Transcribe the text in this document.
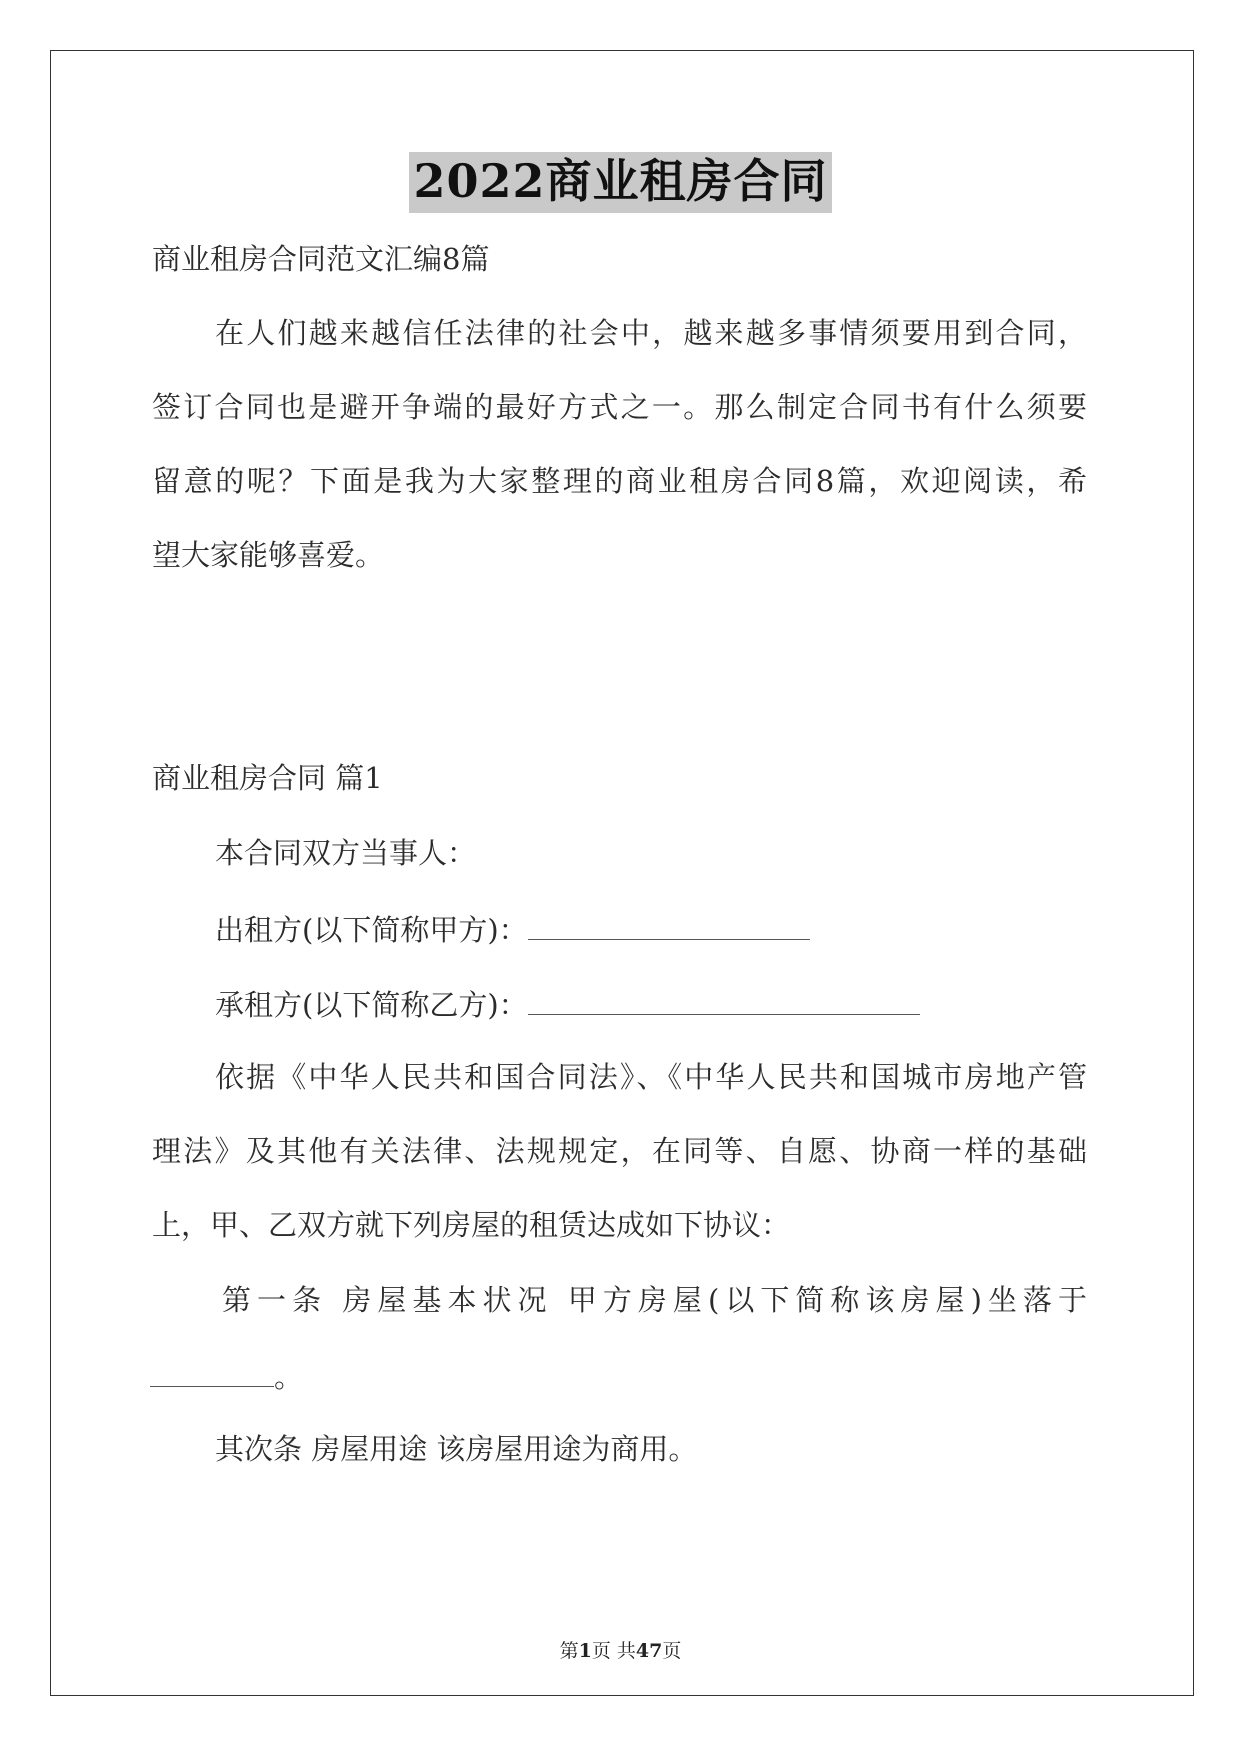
2022商业租房合同
商业租房合同范文汇编8篇
在人们越来越信任法律的社会中，越来越多事情须要用到合同，
签订合同也是避开争端的最好方式之一。那么制定合同书有什么须要
留意的呢？下面是我为大家整理的商业租房合同8篇，欢迎阅读，希
望大家能够喜爱。
商业租房合同 篇1
本合同双方当事人：
出租方(以下简称甲方)：
承租方(以下简称乙方)：
依据《中华人民共和国合同法》、《中华人民共和国城市房地产管
理法》及其他有关法律、法规规定，在同等、自愿、协商一样的基础
上，甲、乙双方就下列房屋的租赁达成如下协议：
第一条 房屋基本状况 甲方房屋(以下简称该房屋)坐落于
。
其次条 房屋用途 该房屋用途为商用。
第1页 共47页
